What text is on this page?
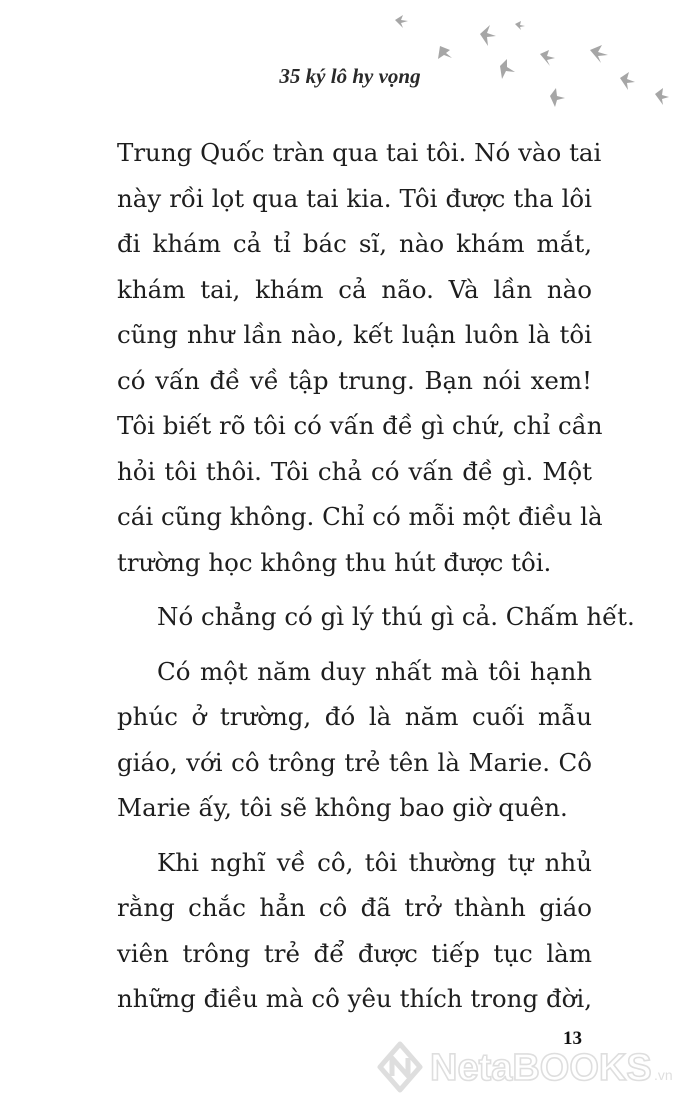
35 ký lô hy vọng
Trung Quốc tràn qua tai tôi. Nó vào tai
này rồi lọt qua tai kia. Tôi được tha lôi
đi khám cả tỉ bác sĩ, nào khám mắt,
khám tai, khám cả não. Và lần nào
cũng như lần nào, kết luận luôn là tôi
có vấn đề về tập trung. Bạn nói xem!
Tôi biết rõ tôi có vấn đề gì chứ, chỉ cần
hỏi tôi thôi. Tôi chả có vấn đề gì. Một
cái cũng không. Chỉ có mỗi một điều là
trường học không thu hút được tôi.
Nó chẳng có gì lý thú gì cả. Chấm hết.
Có một năm duy nhất mà tôi hạnh
phúc ở trường, đó là năm cuối mẫu
giáo, với cô trông trẻ tên là Marie. Cô
Marie ấy, tôi sẽ không bao giờ quên.
Khi nghĩ về cô, tôi thường tự nhủ
rằng chắc hẳn cô đã trở thành giáo
viên trông trẻ để được tiếp tục làm
những điều mà cô yêu thích trong đời,
13
NetaBOOKS .vn
